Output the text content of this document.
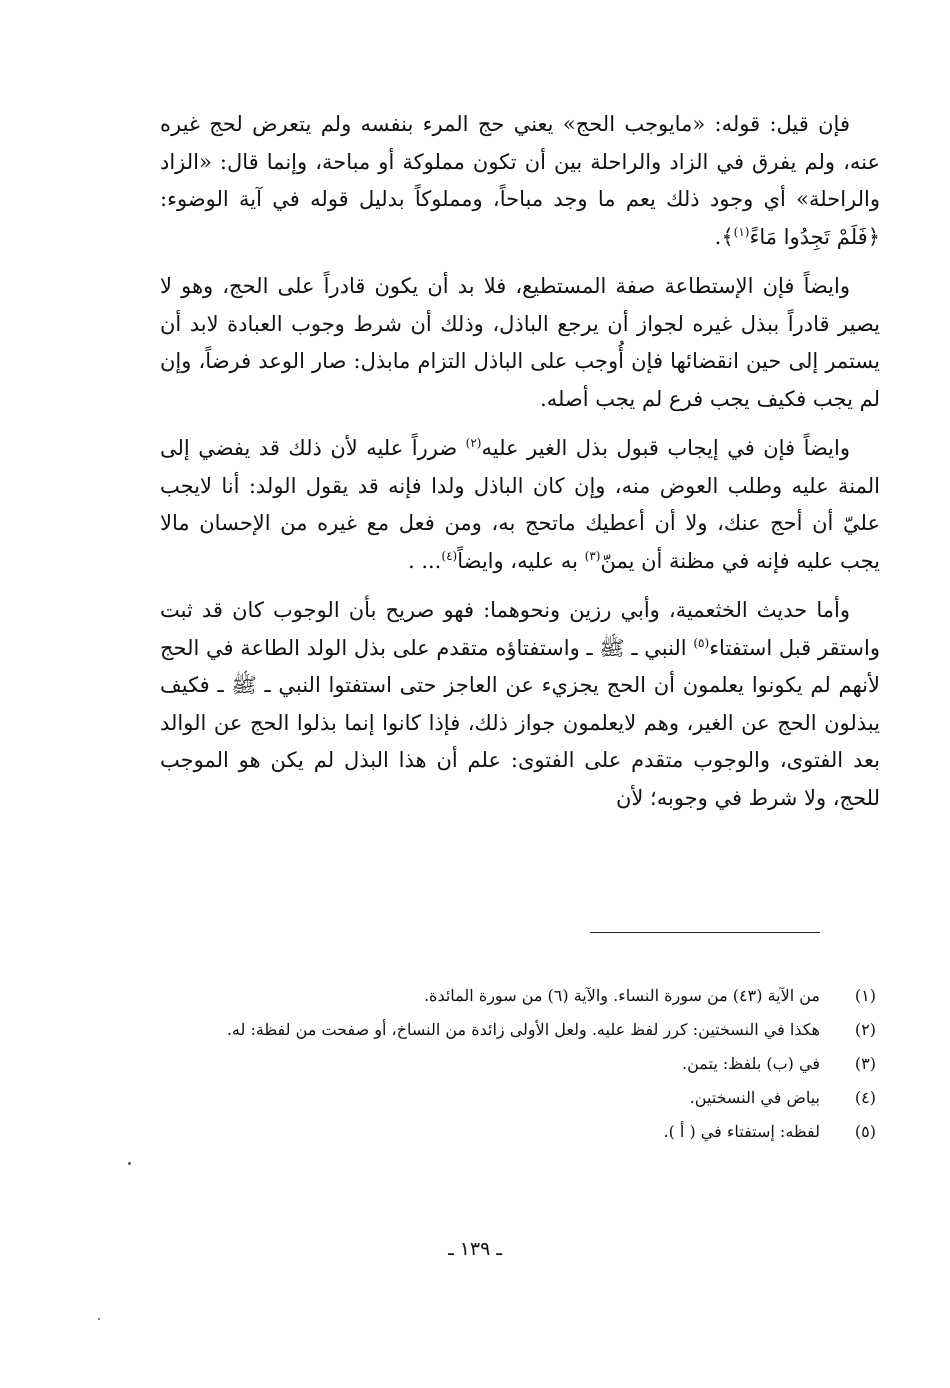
فإن قيل: قوله: «مايوجب الحج» يعني حج المرء بنفسه ولم يتعرض لحج غيره عنه، ولم يفرق في الزاد والراحلة بين أن تكون مملوكة أو مباحة، وإنما قال: «الزاد والراحلة» أي وجود ذلك يعم ما وجد مباحاً، ومملوكاً بدليل قوله في آية الوضوء: ﴿فَلَمْ تَجِدُوا مَاءً$^{(١)}$﴾.

وايضاً فإن الإستطاعة صفة المستطيع، فلا بد أن يكون قادراً على الحج، وهو لا يصير قادراً ببذل غيره لجواز أن يرجع الباذل، وذلك أن شرط وجوب العبادة لابد أن يستمر إلى حين انقضائها فإن أُوجب على الباذل التزام مابذل: صار الوعد فرضاً، وإن لم يجب فكيف يجب فرع لم يجب أصله.

وايضاً فإن في إيجاب قبول بذل الغير عليه$^{(٢)}$ ضرراً عليه لأن ذلك قد يفضي إلى المنة عليه وطلب العوض منه، وإن كان الباذل ولدا فإنه قد يقول الولد: أنا لايجب عليّ أن أحج عنك، ولا أن أعطيك ماتحج به، ومن فعل مع غيره من الإحسان مالا يجب عليه فإنه في مظنة أن يمنّ$^{(٣)}$ به عليه، وايضاً$^{(٤)}$... .

وأما حديث الخثعمية، وأبي رزين ونحوهما: فهو صريح بأن الوجوب كان قد ثبت واستقر قبل استفتاء$^{(٥)}$ النبي ـ ﷺ ـ واستفتاؤه متقدم على بذل الولد الطاعة في الحج لأنهم لم يكونوا يعلمون أن الحج يجزيء عن العاجز حتى استفتوا النبي ـ ﷺ ـ فكيف يبذلون الحج عن الغير، وهم لايعلمون جواز ذلك، فإذا كانوا إنما بذلوا الحج عن الوالد بعد الفتوى، والوجوب متقدم على الفتوى: علم أن هذا البذل لم يكن هو الموجب للحج، ولا شرط في وجوبه؛ لأن

(١)
من الآية (٤٣) من سورة النساء. والآية (٦) من سورة المائدة.
(٢)
هكذا في النسختين: كرر لفظ عليه. ولعل الأولى زائدة من النساخ، أو صفحت من لفظة: له.
(٣)
في (ب) بلفظ: يتمن.
(٤)
بياض في النسختين.
(٥)
لفظه: إستفتاء في ( أ ).
ـ ١٣٩ ـ
